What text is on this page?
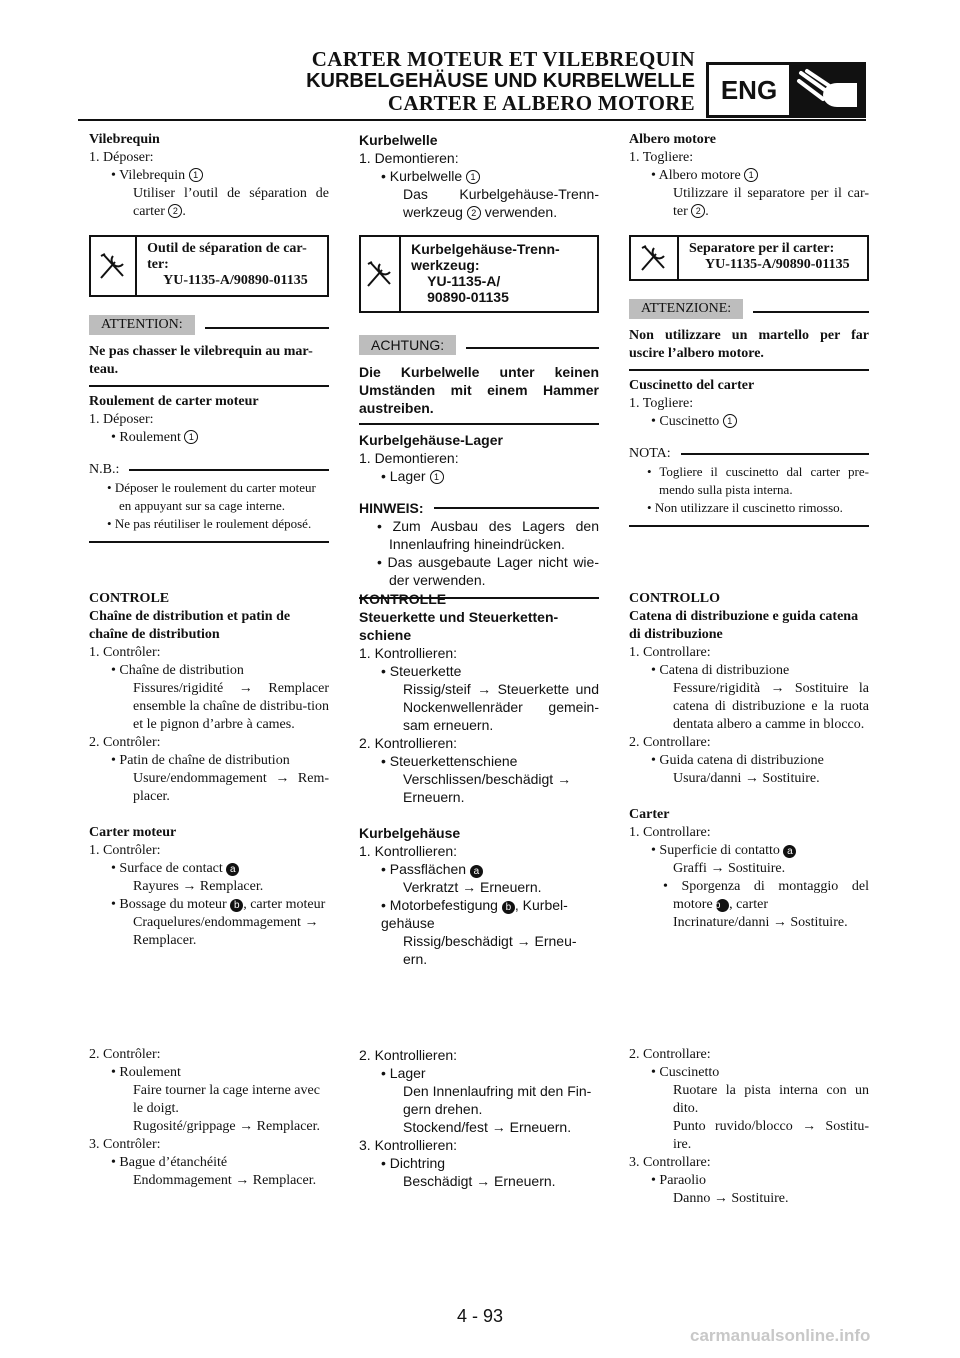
CARTER MOTEUR ET VILEBREQUIN
KURBELGEHÄUSE UND KURBELWELLE
CARTER E ALBERO MOTORE ENG

Vilebrequin

1. Déposer:

• Vilebrequin 1

Utiliser l’outil de séparation de carter 2 .

Outil de séparation de car-ter:
YU-1135-A/90890-01135
ATTENTION:

Ne pas chasser le vilebrequin au mar-teau.

Roulement de carter moteur

1. Déposer:

• Roulement 1

N.B.:

• Déposer le roulement du carter moteur en appuyant sur sa cage interne.

• Ne pas réutiliser le roulement déposé.

CONTROLE

Chaîne de distribution et patin de chaîne de distribution

1. Contrôler:

• Chaîne de distribution

Fissures/rigidité → Remplacer ensemble la chaîne de distribu-tion et le pignon d’arbre à cames.

2. Contrôler:

• Patin de chaîne de distribution

Usure/endommagement → Rem-placer.

Carter moteur

1. Contrôler:

• Surface de contact a

Rayures → Remplacer.

• Bossage du moteur b , carter moteur

Craquelures/endommagement → Remplacer.

2. Contrôler:

• Roulement

Faire tourner la cage interne avec le doigt.

Rugosité/grippage → Remplacer.

3. Contrôler:

• Bague d’étanchéité

Endommagement → Remplacer.

Kurbelwelle

1. Demontieren:

• Kurbelwelle 1

Das Kurbelgehäuse-Trenn-werkzeug 2 verwenden.

Kurbelgehäuse-Trenn-werkzeug:
YU-1135-A/
90890-01135
ACHTUNG:

Die Kurbelwelle unter keinen Umständen mit einem Hammer austreiben.

Kurbelgehäuse-Lager

1. Demontieren:

• Lager 1

HINWEIS:

• Zum Ausbau des Lagers den Innenlaufring hineindrücken.

• Das ausgebaute Lager nicht wie-der verwenden.

KONTROLLE

Steuerkette und Steuerketten-schiene

1. Kontrollieren:

• Steuerkette

Rissig/steif → Steuerkette und Nockenwellenräder gemein-sam erneuern.

2. Kontrollieren:

• Steuerkettenschiene

Verschlissen/beschädigt → Erneuern.

Kurbelgehäuse

1. Kontrollieren:

• Passflächen a

Verkratzt → Erneuern.

• Motorbefestigung b , Kurbel-gehäuse

Rissig/beschädigt → Erneu-ern.

2. Kontrollieren:

• Lager

Den Innenlaufring mit den Fin-gern drehen.

Stockend/fest → Erneuern.

3. Kontrollieren:

• Dichtring

Beschädigt → Erneuern.

Albero motore

1. Togliere:

• Albero motore 1

Utilizzare il separatore per il car-ter 2 .

Separatore per il carter:
YU-1135-A/90890-01135
ATTENZIONE:

Non utilizzare un martello per far uscire l’albero motore.

Cuscinetto del carter

1. Togliere:

• Cuscinetto 1

NOTA:

• Togliere il cuscinetto dal carter pre-mendo sulla pista interna.

• Non utilizzare il cuscinetto rimosso.

CONTROLLO

Catena di distribuzione e guida catena di distribuzione

1. Controllare:

• Catena di distribuzione

Fessure/rigidità → Sostituire la catena di distribuzione e la ruota dentata albero a camme in blocco.

2. Controllare:

• Guida catena di distribuzione

Usura/danni → Sostituire.

Carter

1. Controllare:

• Superficie di contatto a

Graffi → Sostituire.

• Sporgenza di montaggio del motore b , carter

Incrinature/danni → Sostituire.

2. Controllare:

• Cuscinetto

Ruotare la pista interna con un dito.

Punto ruvido/blocco → Sostitu-ire.

3. Controllare:

• Paraolio

Danno → Sostituire.

4 - 93
carmanualsonline.info
